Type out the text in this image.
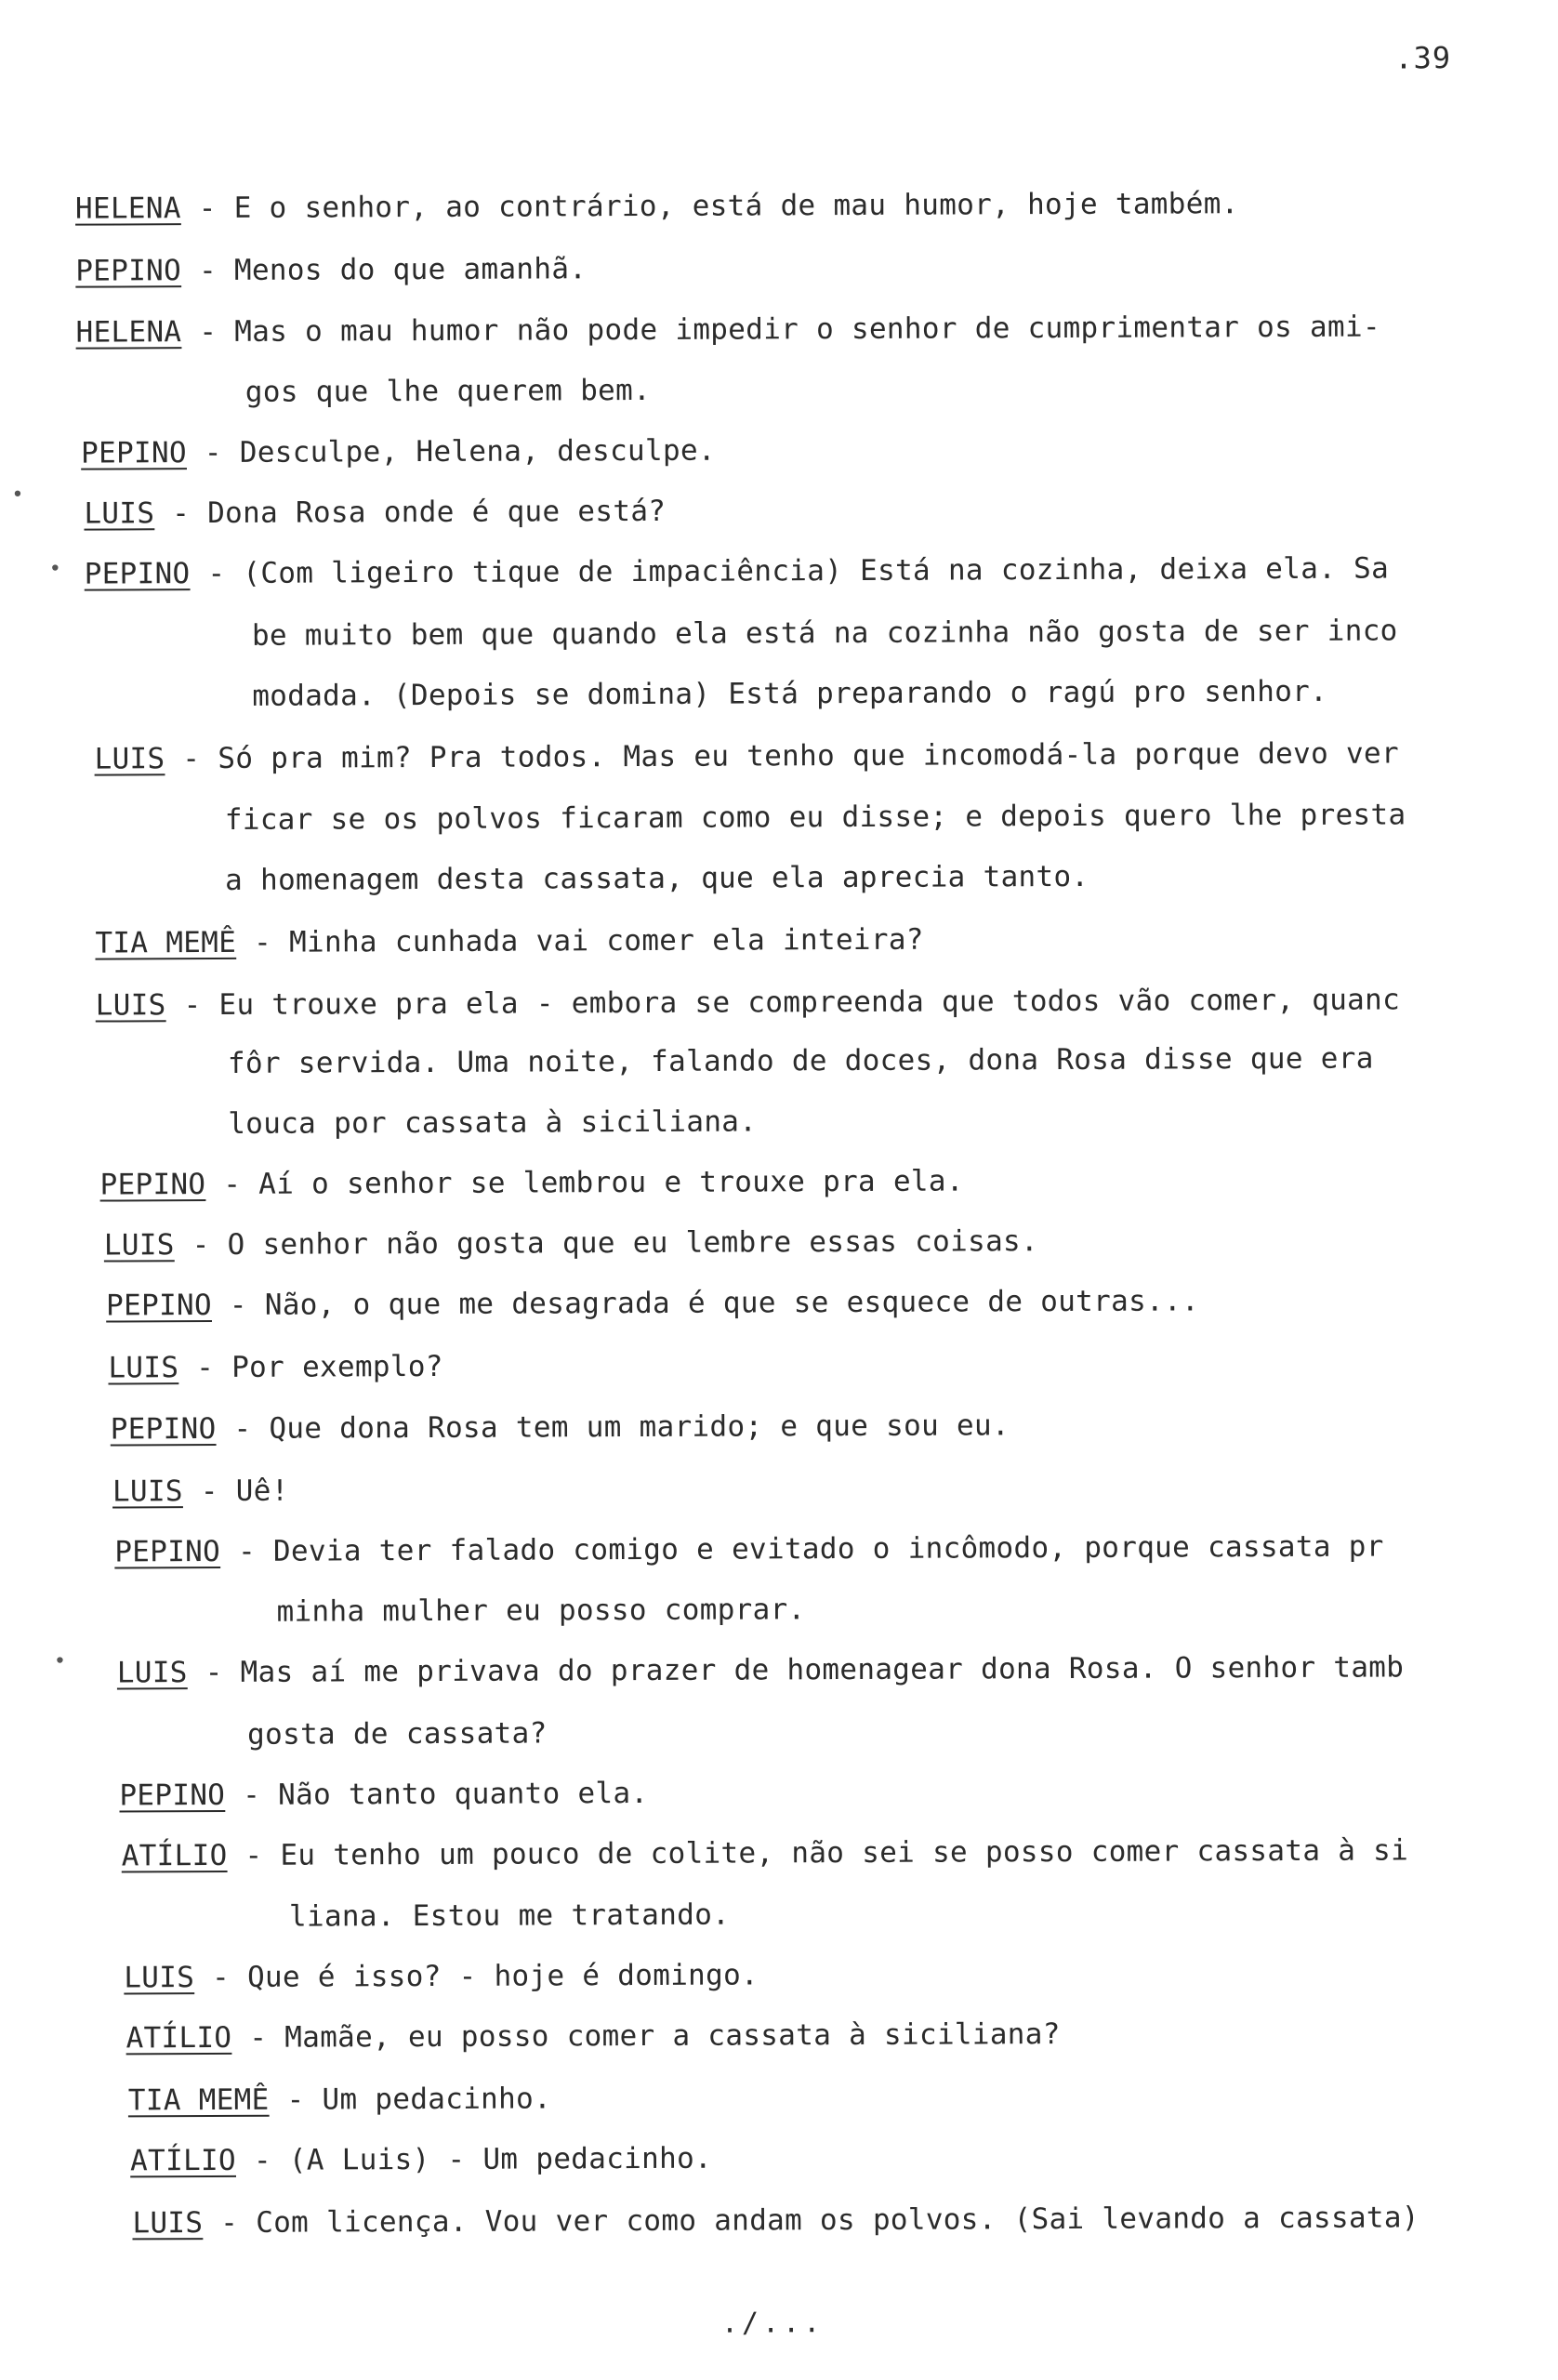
.39
HELENA - E o senhor, ao contrário, está de mau humor, hoje também.
PEPINO - Menos do que amanhã.
HELENA - Mas o mau humor não pode impedir o senhor de cumprimentar os ami-
gos que lhe querem bem.
PEPINO - Desculpe, Helena, desculpe.
LUIS - Dona Rosa onde é que está?
PEPINO - (Com ligeiro tique de impaciência) Está na cozinha, deixa ela. Sa
be muito bem que quando ela está na cozinha não gosta de ser inco
modada. (Depois se domina) Está preparando o ragú pro senhor.
LUIS - Só pra mim? Pra todos. Mas eu tenho que incomodá-la porque devo ver
ficar se os polvos ficaram como eu disse; e depois quero lhe presta
a homenagem desta cassata, que ela aprecia tanto.
TIA MEMÊ - Minha cunhada vai comer ela inteira?
LUIS - Eu trouxe pra ela - embora se compreenda que todos vão comer, quanc
fôr servida. Uma noite, falando de doces, dona Rosa disse que era
louca por cassata à siciliana.
PEPINO - Aí o senhor se lembrou e trouxe pra ela.
LUIS - O senhor não gosta que eu lembre essas coisas.
PEPINO - Não, o que me desagrada é que se esquece de outras...
LUIS - Por exemplo?
PEPINO - Que dona Rosa tem um marido; e que sou eu.
LUIS - Uê!
PEPINO - Devia ter falado comigo e evitado o incômodo, porque cassata pr
minha mulher eu posso comprar.
LUIS - Mas aí me privava do prazer de homenagear dona Rosa. O senhor tamb
gosta de cassata?
PEPINO - Não tanto quanto ela.
ATÍLIO - Eu tenho um pouco de colite, não sei se posso comer cassata à si
liana. Estou me tratando.
LUIS - Que é isso? - hoje é domingo.
ATÍLIO - Mamãe, eu posso comer a cassata à siciliana?
TIA MEMÊ - Um pedacinho.
ATÍLIO - (A Luis) - Um pedacinho.
LUIS - Com licença. Vou ver como andam os polvos. (Sai levando a cassata)
./...
•
•
•
